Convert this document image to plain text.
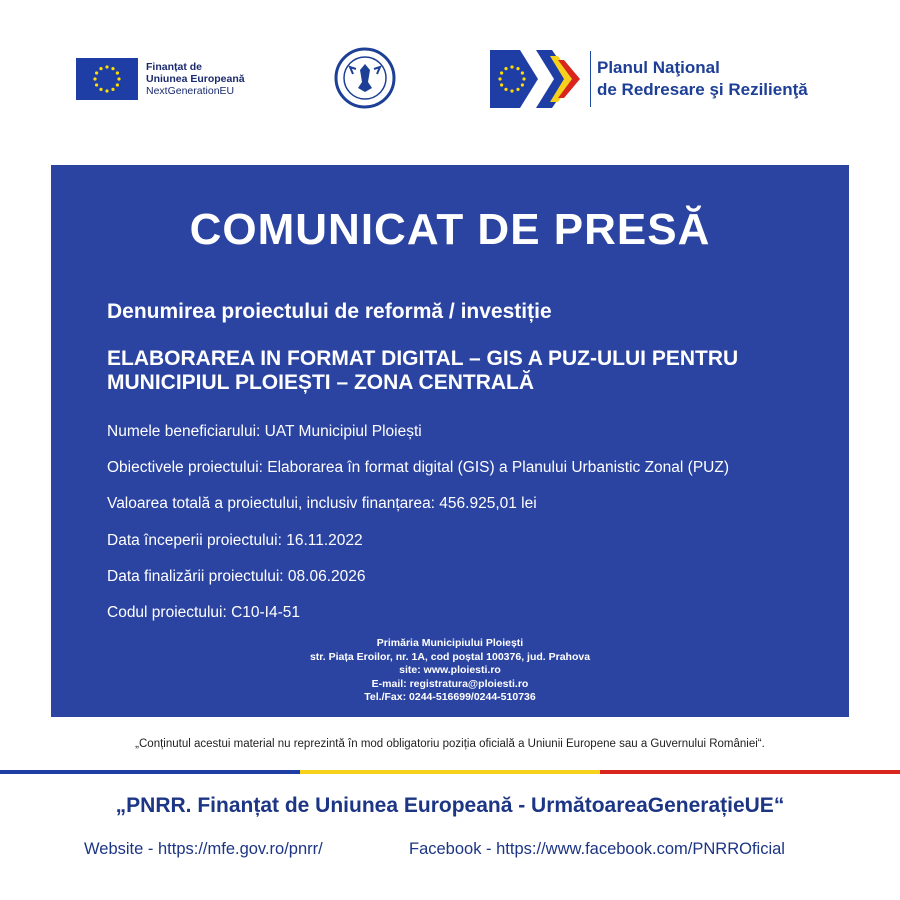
Finanțat de
Uniunea Europeană
NextGenerationEU
Planul Naţional
de Redresare şi Rezilienţă
COMUNICAT DE PRESĂ
Denumirea proiectului de reformă / investiție
ELABORAREA IN FORMAT DIGITAL – GIS A PUZ-ULUI PENTRU MUNICIPIUL PLOIEȘTI – ZONA CENTRALĂ
Numele beneficiarului: UAT Municipiul Ploiești
Obiectivele proiectului: Elaborarea în format digital (GIS) a Planului Urbanistic Zonal (PUZ)
Valoarea totală a proiectului, inclusiv finanțarea: 456.925,01 lei
Data începerii proiectului: 16.11.2022
Data finalizării proiectului: 08.06.2026
Codul proiectului: C10-I4-51
Primăria Municipiului Ploiești
str. Piața Eroilor, nr. 1A, cod poștal 100376, jud. Prahova
site: www.ploiesti.ro
E-mail: registratura@ploiesti.ro
Tel./Fax: 0244-516699/0244-510736
„Conținutul acestui material nu reprezintă în mod obligatoriu poziția oficială a Uniunii Europene sau a Guvernului României“.
„PNRR. Finanțat de Uniunea Europeană - UrmătoareaGenerațieUE“
Website - https://mfe.gov.ro/pnrr/	Facebook - https://www.facebook.com/PNRROficial
